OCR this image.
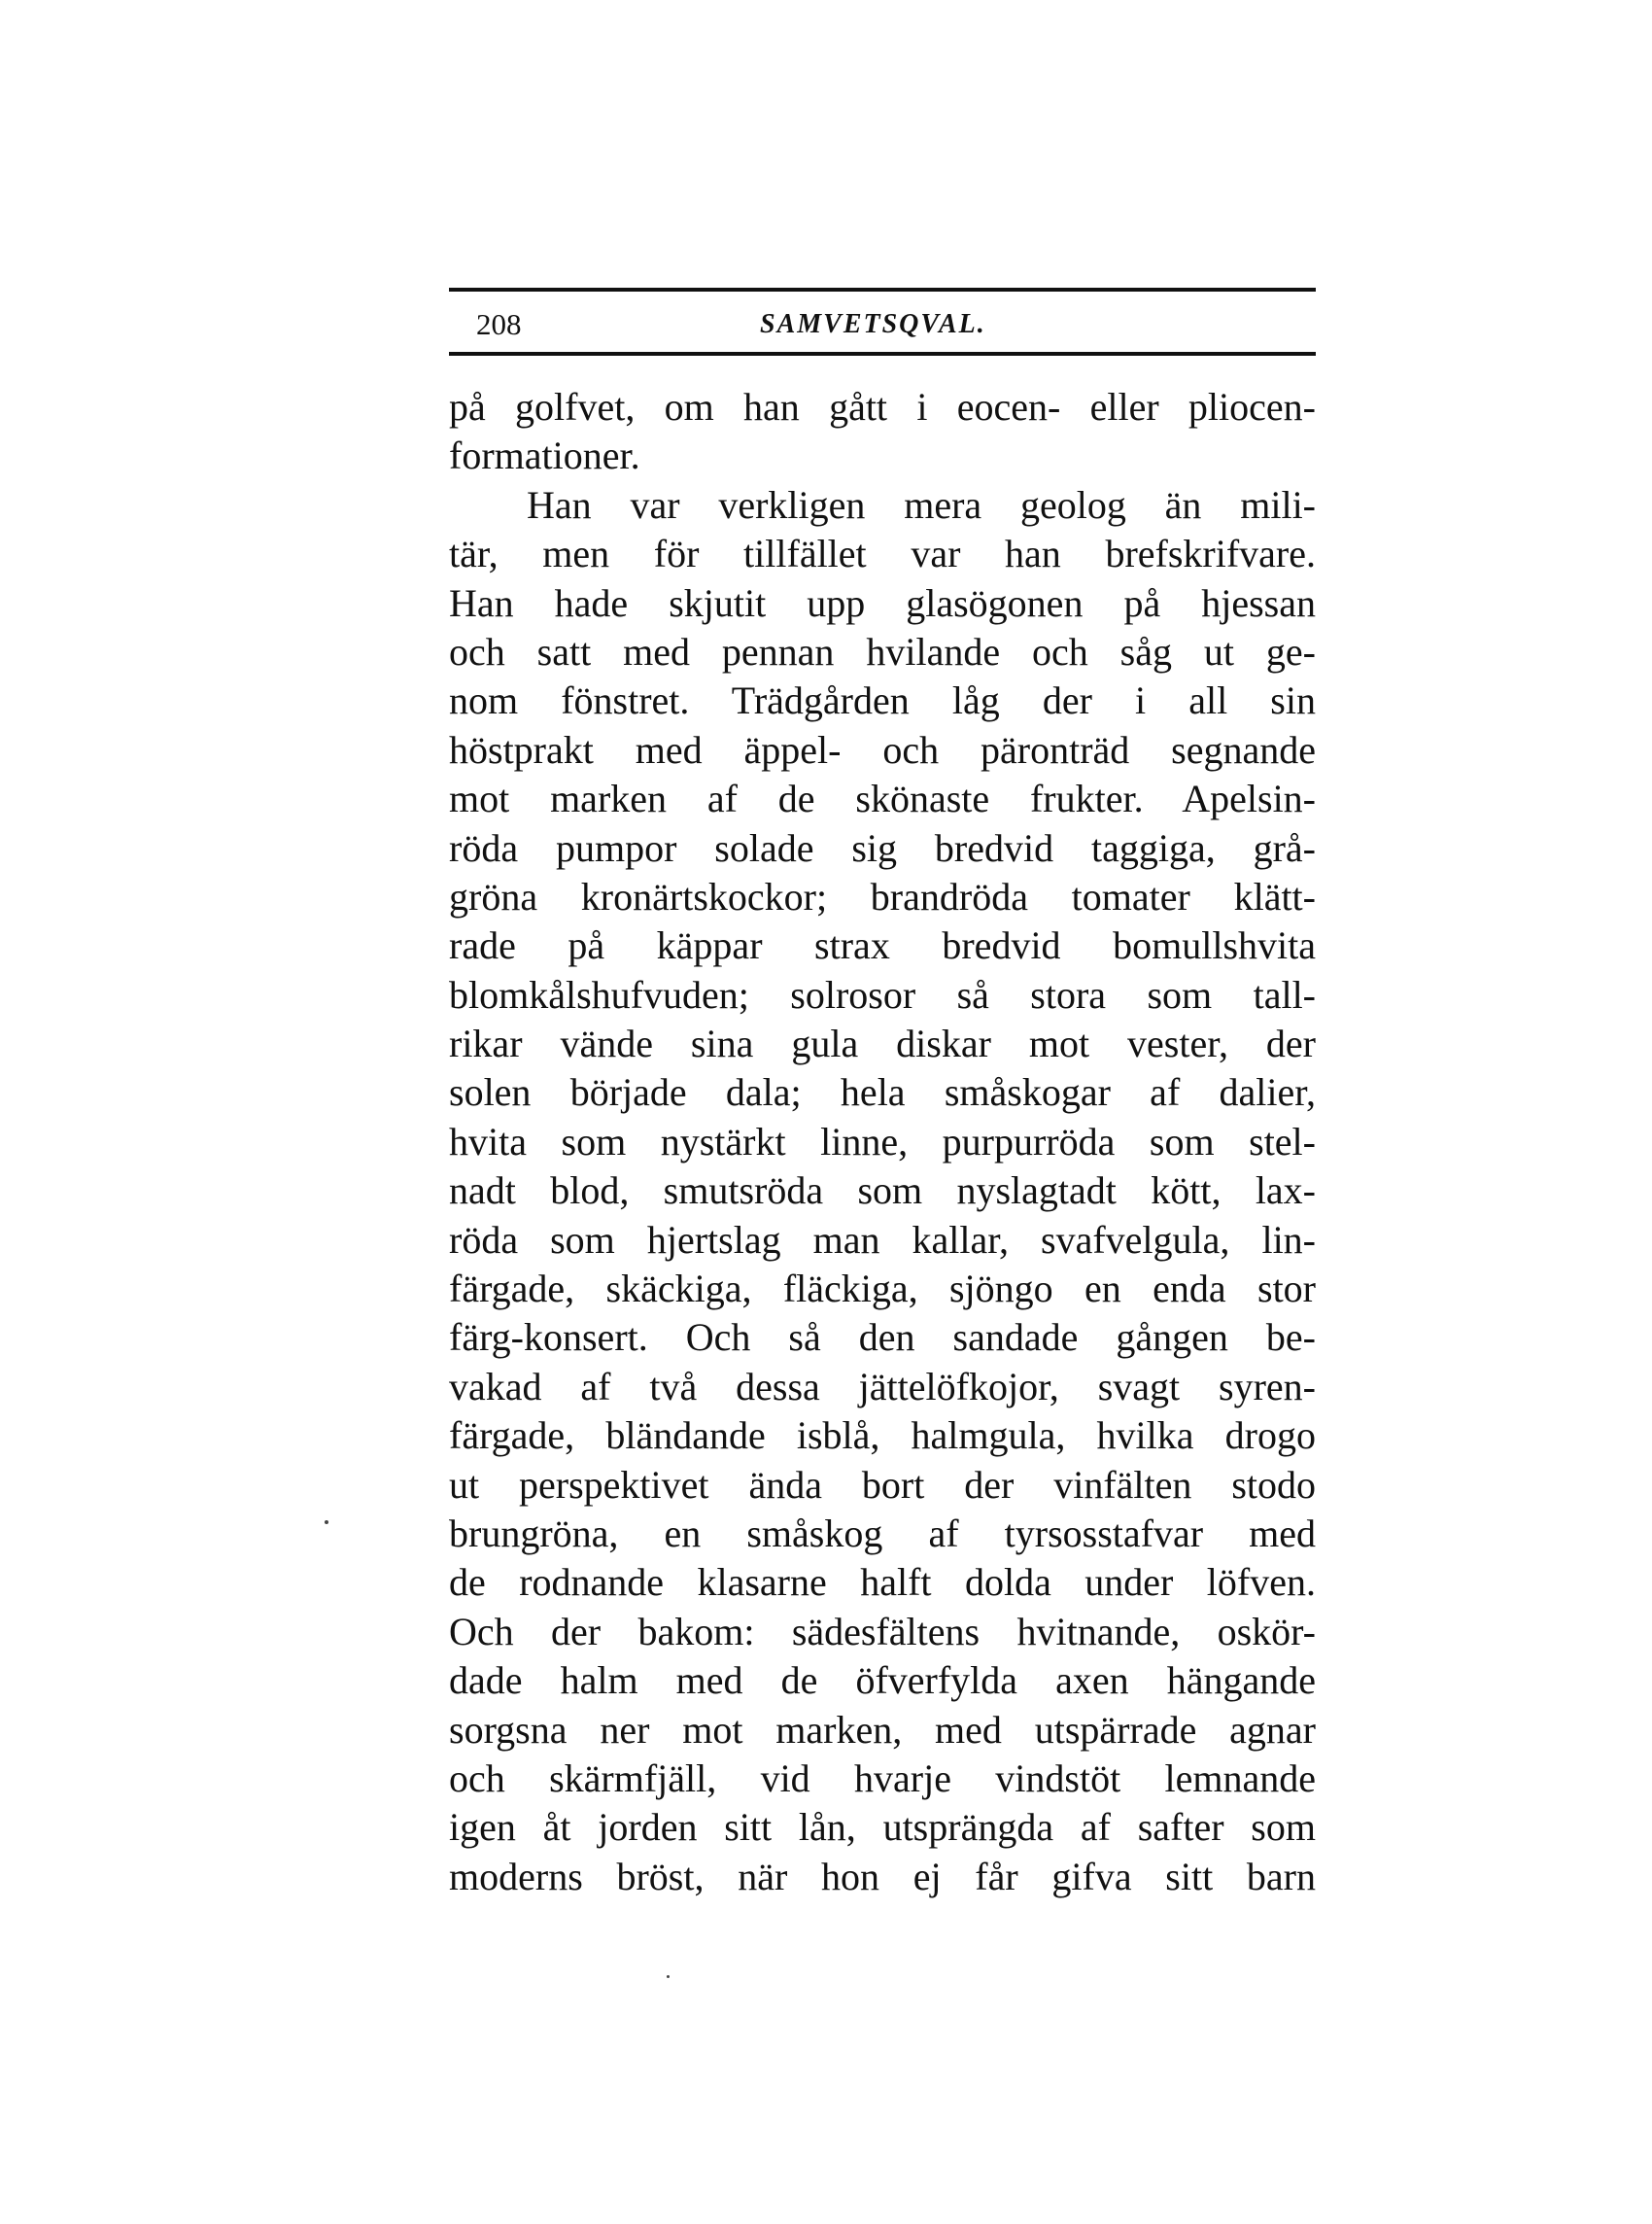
208	SAMVETSQVAL.
på golfvet, om han gått i eocen- eller pliocen-
formationer.
Han var verkligen mera geolog än mili-
tär, men för tillfället var han brefskrifvare.
Han hade skjutit upp glasögonen på hjessan
och satt med pennan hvilande och såg ut ge-
nom fönstret. Trädgården låg der i all sin
höstprakt med äppel- och päronträd segnande
mot marken af de skönaste frukter. Apelsin-
röda pumpor solade sig bredvid taggiga, grå-
gröna kronärtskockor; brandröda tomater klätt-
rade på käppar strax bredvid bomullshvita
blomkålshufvuden; solrosor så stora som tall-
rikar vände sina gula diskar mot vester, der
solen började dala; hela småskogar af dalier,
hvita som nystärkt linne, purpurröda som stel-
nadt blod, smutsröda som nyslagtadt kött, lax-
röda som hjertslag man kallar, svafvelgula, lin-
färgade, skäckiga, fläckiga, sjöngo en enda stor
färg-konsert. Och så den sandade gången be-
vakad af två dessa jättelöfkojor, svagt syren-
färgade, bländande isblå, halmgula, hvilka drogo
ut perspektivet ända bort der vinfälten stodo
brungröna, en småskog af tyrsosstafvar med
de rodnande klasarne halft dolda under löfven.
Och der bakom: sädesfältens hvitnande, oskör-
dade halm med de öfverfylda axen hängande
sorgsna ner mot marken, med utspärrade agnar
och skärmfjäll, vid hvarje vindstöt lemnande
igen åt jorden sitt lån, utsprängda af safter som
moderns bröst, när hon ej får gifva sitt barn
